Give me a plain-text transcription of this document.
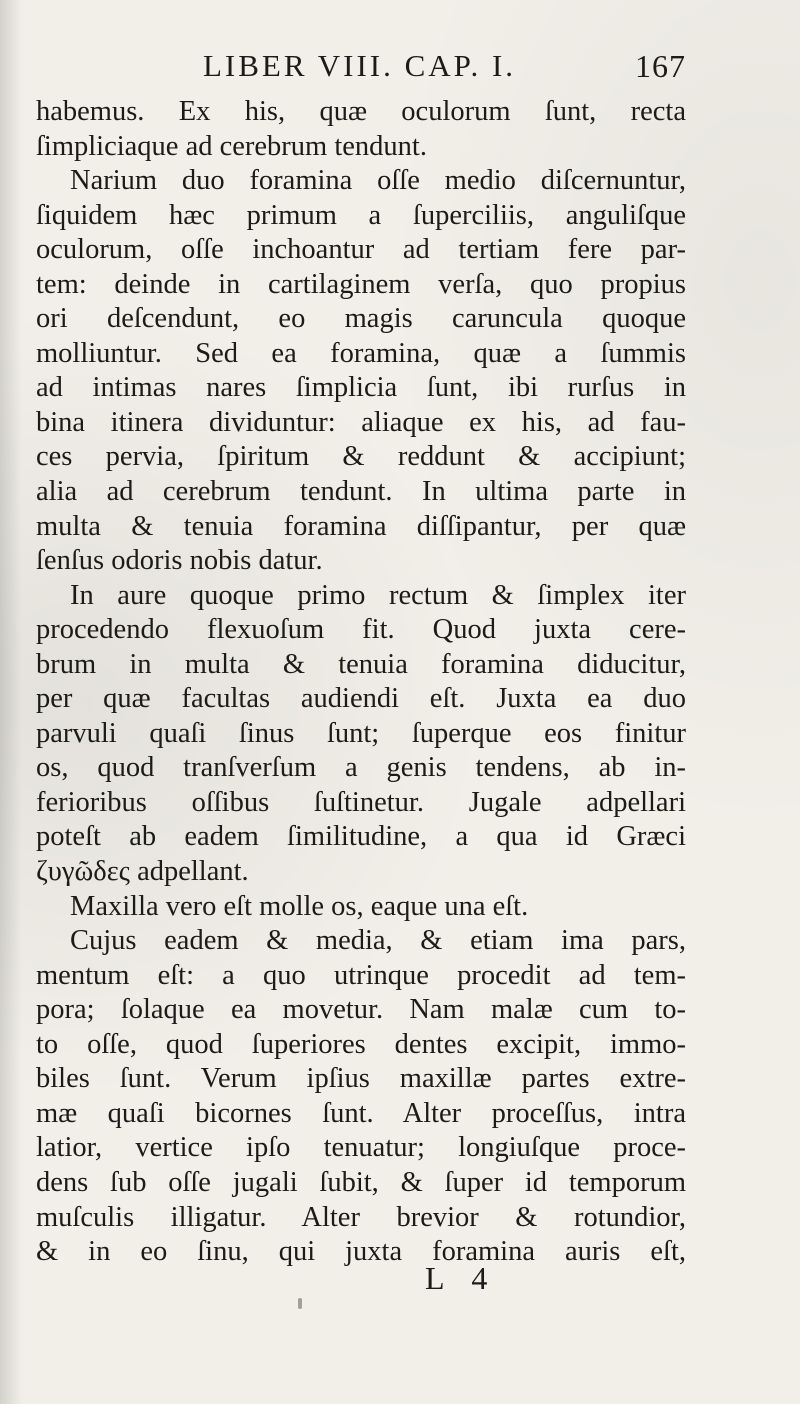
LIBER VIII. CAP. I.	167
habemus. Ex his, quæ oculorum ſunt, recta
ſimpliciaque ad cerebrum tendunt.
Narium duo foramina oſſe medio diſcernuntur,
ſiquidem hæc primum a ſuperciliis, anguliſque
oculorum, oſſe inchoantur ad tertiam fere par-
tem: deinde in cartilaginem verſa, quo propius
ori deſcendunt, eo magis caruncula quoque
molliuntur. Sed ea foramina, quæ a ſummis
ad intimas nares ſimplicia ſunt, ibi rurſus in
bina itinera dividuntur: aliaque ex his, ad fau-
ces pervia, ſpiritum & reddunt & accipiunt;
alia ad cerebrum tendunt. In ultima parte in
multa & tenuia foramina diſſipantur, per quæ
ſenſus odoris nobis datur.
In aure quoque primo rectum & ſimplex iter
procedendo flexuoſum fit. Quod juxta cere-
brum in multa & tenuia foramina diducitur,
per quæ facultas audiendi eſt. Juxta ea duo
parvuli quaſi ſinus ſunt; ſuperque eos finitur
os, quod tranſverſum a genis tendens, ab in-
ferioribus oſſibus ſuſtinetur. Jugale adpellari
poteſt ab eadem ſimilitudine, a qua id Græci
ζυγῶδες adpellant.
Maxilla vero eſt molle os, eaque una eſt.
Cujus eadem & media, & etiam ima pars,
mentum eſt: a quo utrinque procedit ad tem-
pora; ſolaque ea movetur. Nam malæ cum to-
to oſſe, quod ſuperiores dentes excipit, immo-
biles ſunt. Verum ipſius maxillæ partes extre-
mæ quaſi bicornes ſunt. Alter proceſſus, intra
latior, vertice ipſo tenuatur; longiuſque proce-
dens ſub oſſe jugali ſubit, & ſuper id temporum
muſculis illigatur. Alter brevior & rotundior,
& in eo ſinu, qui juxta foramina auris eſt,
L 4
